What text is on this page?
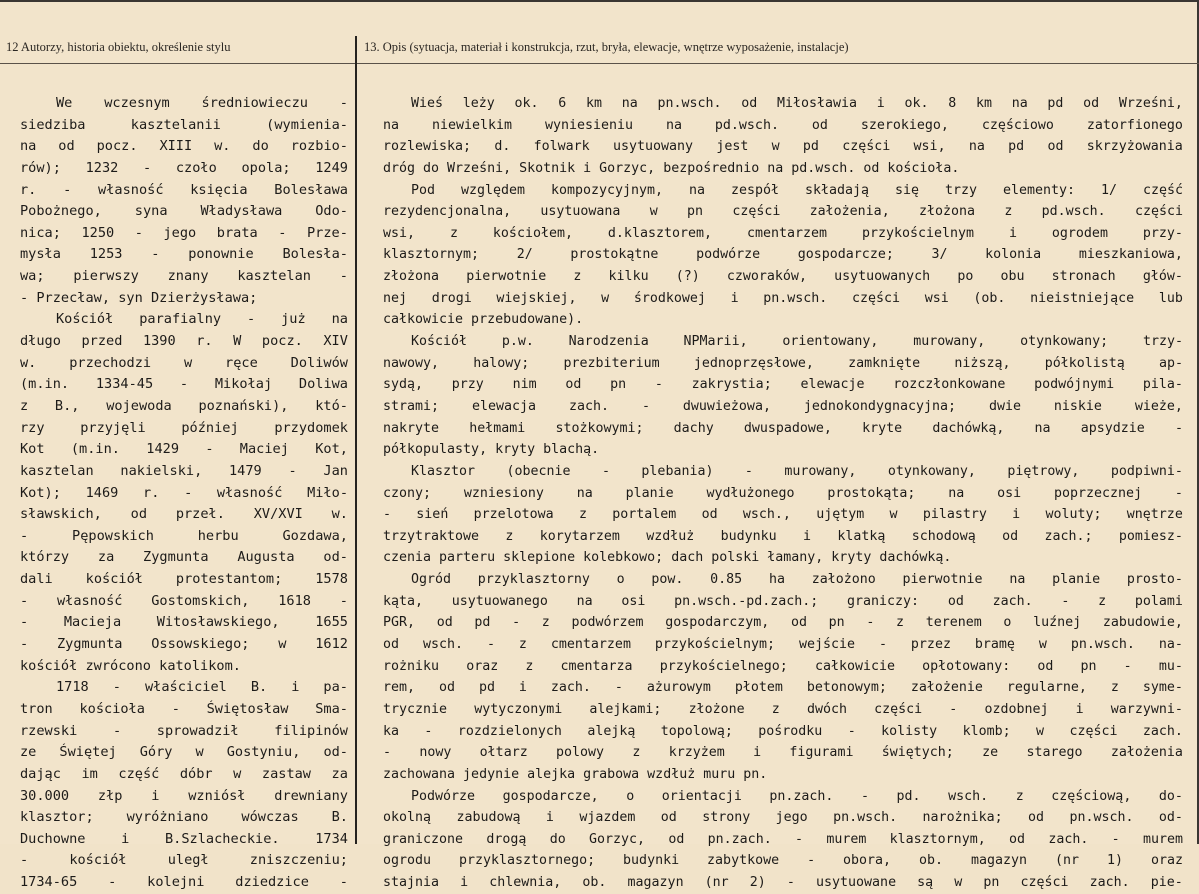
12 Autorzy, historia obiektu, określenie stylu	13. Opis (sytuacja, materiał i konstrukcja, rzut, bryła, elewacje, wnętrze wyposażenie, instalacje)
We wczesnym średniowieczu -
siedziba	kasztelanii	(wymienia-
na od pocz. XIII w. do rozbio-
rów); 1232 - czoło opola; 1249
r. - własność księcia Bolesława
Pobożnego, syna Władysława Odo-
nica; 1250 - jego brata - Prze-
mysła 1253 - ponownie Bolesła-
wa; pierwszy znany kasztelan -
- Przecław, syn Dzierżysława;
Kościół parafialny - już na
długo przed 1390 r. W pocz. XIV
w. przechodzi w ręce Doliwów
(m.in. 1334-45 - Mikołaj Doliwa
z B., wojewoda poznański), któ-
rzy	przyjęli	później	przydomek
Kot (m.in. 1429 - Maciej Kot,
kasztelan nakielski, 1479 - Jan
Kot); 1469 r. - własność Miło-
sławskich, od przeł. XV/XVI w.
-	Pępowskich	herbu	Gozdawa,
którzy za Zygmunta Augusta od-
dali kościół protestantom; 1578
- własność Gostomskich, 1618 -
-	Macieja	Witosławskiego,	1655
- Zygmunta Ossowskiego; w 1612
kościół zwrócono katolikom.
1718 - właściciel B. i pa-
tron kościoła - Świętosław Sma-
rzewski	-	sprowadził	filipinów
ze Świętej Góry w Gostyniu, od-
dając im część dóbr w zastaw za
30.000 złp i wzniósł drewniany
klasztor; wyróżniano wówczas B.
Duchowne	i	B.Szlacheckie.	1734
-	kościół	uległ	zniszczeniu;
1734-65 - kolejni dziedzice -
Wieś leży ok. 6 km na pn.wsch. od Miłosławia i ok. 8 km na pd od Wrześni,
na niewielkim wyniesieniu na pd.wsch. od szerokiego, częściowo zatorfionego
rozlewiska; d. folwark usytuowany jest w pd części wsi, na pd od skrzyżowania
dróg do Wrześni, Skotnik i Gorzyc, bezpośrednio na pd.wsch. od kościoła.
Pod względem kompozycyjnym, na zespół składają się trzy elementy: 1/ część
rezydencjonalna, usytuowana w pn części założenia, złożona z pd.wsch. części
wsi,	z	kościołem,	d.klasztorem,	cmentarzem	przykościelnym	i	ogrodem	przy-
klasztornym;	2/	prostokątne	podwórze	gospodarcze;	3/	kolonia	mieszkaniowa,
złożona pierwotnie z kilku (?) czworaków, usytuowanych po obu stronach głów-
nej drogi wiejskiej, w środkowej i pn.wsch. części wsi (ob. nieistniejące lub
całkowicie przebudowane).
Kościół	p.w.	Narodzenia	NPMarii,	orientowany,	murowany,	otynkowany;	trzy-
nawowy,	halowy;	prezbiterium	jednoprzęsłowe,	zamknięte	niższą,	półkolistą	ap-
sydą, przy nim od pn - zakrystia; elewacje rozczłonkowane podwójnymi pila-
strami; elewacja zach. - dwuwieżowa, jednokondygnacyjna; dwie niskie wieże,
nakryte hełmami stożkowymi; dachy dwuspadowe, kryte dachówką, na apsydzie -
półkopulasty, kryty blachą.
Klasztor (obecnie - plebania) - murowany, otynkowany, piętrowy, podpiwni-
czony; wzniesiony na planie wydłużonego prostokąta; na osi poprzecznej -
- sień przelotowa z portalem od wsch., ujętym w pilastry i woluty; wnętrze
trzytraktowe z korytarzem wzdłuż budynku i klatką schodową od zach.; pomiesz-
czenia parteru sklepione kolebkowo; dach polski łamany, kryty dachówką.
Ogród przyklasztorny o pow. 0.85 ha założono pierwotnie na planie prosto-
kąta, usytuowanego na osi pn.wsch.-pd.zach.; graniczy: od zach. - z polami
PGR, od pd - z podwórzem gospodarczym, od pn - z terenem o luźnej zabudowie,
od wsch. - z cmentarzem przykościelnym; wejście - przez bramę w pn.wsch. na-
rożniku oraz z cmentarza przykościelnego; całkowicie opłotowany: od pn - mu-
rem, od pd i zach. - ażurowym płotem betonowym; założenie regularne, z syme-
trycznie wytyczonymi alejkami; złożone z dwóch części - ozdobnej i warzywni-
ka - rozdzielonych alejką topolową; pośrodku - kolisty klomb; w części zach.
- nowy ołtarz polowy z krzyżem i figurami świętych; ze starego założenia
zachowana jedynie alejka grabowa wzdłuż muru pn.
Podwórze gospodarcze, o orientacji pn.zach. - pd. wsch. z częściową, do-
okolną zabudową i wjazdem od strony jego pn.wsch. narożnika; od pn.wsch. od-
graniczone drogą do Gorzyc, od pn.zach. - murem klasztornym, od zach. - murem
ogrodu przyklasztornego; budynki zabytkowe - obora, ob. magazyn (nr 1) oraz
stajnia i chlewnia, ob. magazyn (nr 2) - usytuowane są w pn części zach. pie-
